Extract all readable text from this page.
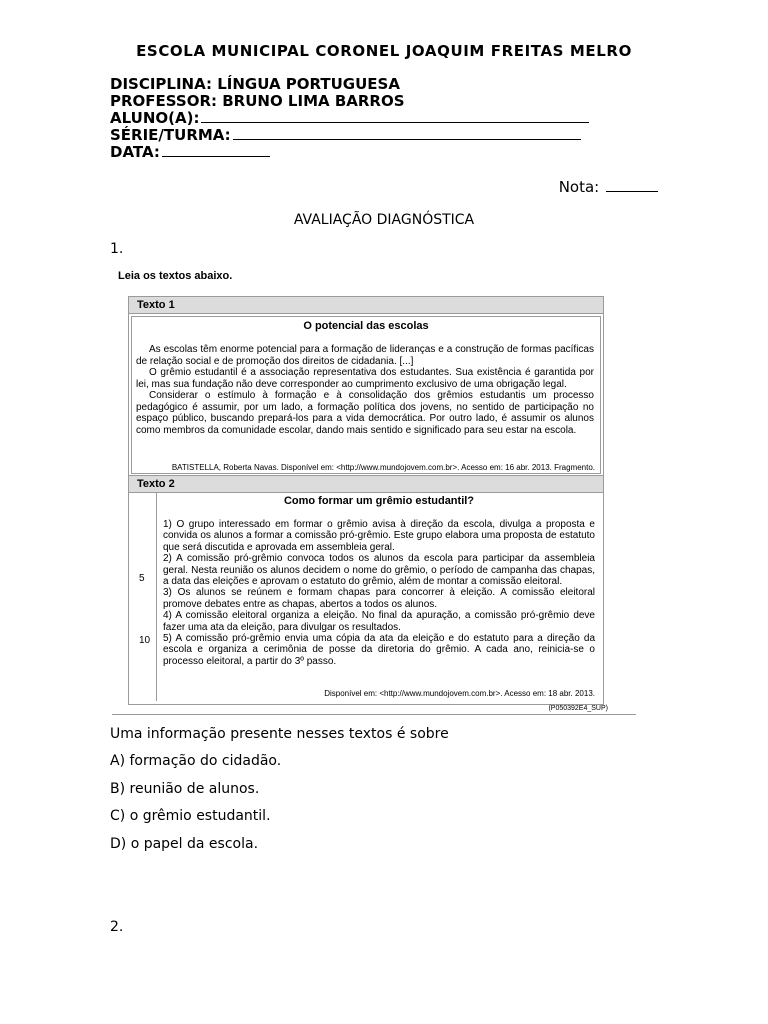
ESCOLA MUNICIPAL CORONEL JOAQUIM FREITAS MELRO
DISCIPLINA: LÍNGUA PORTUGUESA
PROFESSOR: BRUNO LIMA BARROS
ALUNO(A):
SÉRIE/TURMA:
DATA:
Nota:
AVALIAÇÃO DIAGNÓSTICA
1.
Leia os textos abaixo.
Texto 1
O potencial das escolas

As escolas têm enorme potencial para a formação de lideranças e a construção de formas pacíficas de relação social e de promoção dos direitos de cidadania. [...]

O grêmio estudantil é a associação representativa dos estudantes. Sua existência é garantida por lei, mas sua fundação não deve corresponder ao cumprimento exclusivo de uma obrigação legal.

Considerar o estímulo à formação e à consolidação dos grêmios estudantis um processo pedagógico é assumir, por um lado, a formação política dos jovens, no sentido de participação no espaço público, buscando prepará-los para a vida democrática. Por outro lado, é assumir os alunos como membros da comunidade escolar, dando mais sentido e significado para seu estar na escola.

BATISTELLA, Roberta Navas. Disponível em: <http://www.mundojovem.com.br>. Acesso em: 16 abr. 2013. Fragmento.
Texto 2
5
10
Como formar um grêmio estudantil?

1) O grupo interessado em formar o grêmio avisa à direção da escola, divulga a proposta e convida os alunos a formar a comissão pró-grêmio. Este grupo elabora uma proposta de estatuto que será discutida e aprovada em assembleia geral.

2) A comissão pró-grêmio convoca todos os alunos da escola para participar da assembleia geral. Nesta reunião os alunos decidem o nome do grêmio, o período de campanha das chapas, a data das eleições e aprovam o estatuto do grêmio, além de montar a comissão eleitoral.

3) Os alunos se reúnem e formam chapas para concorrer à eleição. A comissão eleitoral promove debates entre as chapas, abertos a todos os alunos.

4) A comissão eleitoral organiza a eleição. No final da apuração, a comissão pró-grêmio deve fazer uma ata da eleição, para divulgar os resultados.

5) A comissão pró-grêmio envia uma cópia da ata da eleição e do estatuto para a direção da escola e organiza a cerimônia de posse da diretoria do grêmio. A cada ano, reinicia-se o processo eleitoral, a partir do 3º passo.

Disponível em: <http://www.mundojovem.com.br>. Acesso em: 18 abr. 2013.
(P050392E4_SUP)
Uma informação presente nesses textos é sobre
A) formação do cidadão.
B) reunião de alunos.
C) o grêmio estudantil.
D) o papel da escola.
2.
